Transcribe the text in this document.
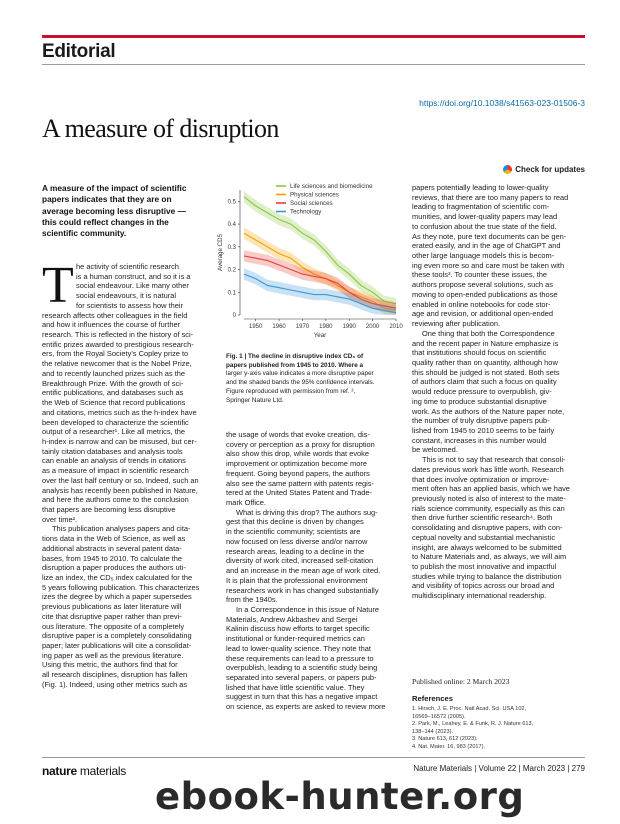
Editorial
https://doi.org/10.1038/s41563-023-01506-3
A measure of disruption
Check for updates
A measure of the impact of scientific
papers indicates that they are on
average becoming less disruptive —
this could reflect changes in the
scientific community.
T he activity of scientific research
is a human construct, and so it is a
social endeavour. Like many other
social endeavours, it is natural
for scientists to assess how their
research affects other colleagues in the field
and how it influences the course of further
research. This is reflected in the history of sci-
entific prizes awarded to prestigious research-
ers, from the Royal Society’s Copley prize to
the relative newcomer that is the Nobel Prize,
and to recently launched prizes such as the
Breakthrough Prize. With the growth of sci-
entific publications, and databases such as
the Web of Science that record publications
and citations, metrics such as the h-index have
been developed to characterize the scientific
output of a researcher¹. Like all metrics, the
h-index is narrow and can be misused, but cer-
tainly citation databases and analysis tools
can enable an analysis of trends in citations
as a measure of impact in scientific research
over the last half century or so. Indeed, such an
analysis has recently been published in Nature,
and here the authors come to the conclusion
that papers are becoming less disruptive
over time².
This publication analyses papers and cita-
tions data in the Web of Science, as well as
additional abstracts in several patent data-
bases, from 1945 to 2010. To calculate the
disruption a paper produces the authors uti-
lize an index, the CD₅ index calculated for the
5 years following publication. This characterizes
izes the degree by which a paper supersedes
previous publications as later literature will
cite that disruptive paper rather than previ-
ous literature. The opposite of a completely
disruptive paper is a completely consolidating
paper; later publications will cite a consolidat-
ing paper as well as the previous literature.
Using this metric, the authors find that for
all research disciplines, disruption has fallen
(Fig. 1). Indeed, using other metrics such as
the usage of words that evoke creation, dis-
covery or perception as a proxy for disruption
also show this drop, while words that evoke
improvement or optimization become more
frequent. Going beyond papers, the authors
also see the same pattern with patents regis-
tered at the United States Patent and Trade-
mark Office.
What is driving this drop? The authors sug-
gest that this decline is driven by changes
in the scientific community; scientists are
now focused on less diverse and/or narrow
research areas, leading to a decline in the
diversity of work cited, increased self-citation
and an increase in the mean age of work cited.
It is plain that the professional environment
researchers work in has changed substantially
from the 1940s.
In a Correspondence in this issue of Nature
Materials, Andrew Akbashev and Sergei
Kalinin discuss how efforts to target specific
institutional or funder-required metrics can
lead to lower-quality science. They note that
these requirements can lead to a pressure to
overpublish, leading to a scientific study being
separated into several papers, or papers pub-
lished that have little scientific value. They
suggest in turn that this has a negative impact
on science, as experts are asked to review more
papers potentially leading to lower-quality
reviews, that there are too many papers to read
leading to fragmentation of scientific com-
munities, and lower-quality papers may lead
to confusion about the true state of the field.
As they note, pure text documents can be gen-
erated easily, and in the age of ChatGPT and
other large language models this is becom-
ing even more so and care must be taken with
these tools³. To counter these issues, the
authors propose several solutions, such as
moving to open-ended publications as those
enabled in online notebooks for code stor-
age and revision, or additional open-ended
reviewing after publication.
One thing that both the Correspondence
and the recent paper in Nature emphasize is
that institutions should focus on scientific
quality rather than on quantity, although how
this should be judged is not stated. Both sets
of authors claim that such a focus on quality
would reduce pressure to overpublish, giv-
ing time to produce substantial disruptive
work. As the authors of the Nature paper note,
the number of truly disruptive papers pub-
lished from 1945 to 2010 seems to be fairly
constant, increases in this number would
be welcomed.
This is not to say that research that consoli-
dates previous work has little worth. Research
that does involve optimization or improve-
ment often has an applied basis, which we have
previously noted is also of interest to the mate-
rials science community, especially as this can
then drive further scientific research⁴. Both
consolidating and disruptive papers, with con-
ceptual novelty and substantial mechanistic
insight, are always welcomed to be submitted
to Nature Materials and, as always, we will aim
to publish the most innovative and impactful
studies while trying to balance the distribution
and visibility of topics across our broad and
multidisciplinary international readership.
0
0.1
0.2
0.3
0.4
0.5
1950 1960 1970 1980 1990 2000 2010
Year
Average CD5
Life sciences and biomedicine
Physical sciences
Social sciences
Technology
Fig. 1 | The decline in disruptive index CD₅ of
papers published from 1945 to 2010. Where a
larger y-axis value indicates a more disruptive paper
and the shaded bands the 95% confidence intervals.
Figure reproduced with permission from ref. ²,
Springer Nature Ltd.
Published online: 2 March 2023
References
1. Hirsch, J. E. Proc. Natl Acad. Sci. USA 102,
16569–16572 (2005).
2. Park, M., Leahey, E. & Funk, R. J. Nature 613,
138–144 (2023).
3. Nature 613, 612 (2023).
4. Nat. Mater. 16, 983 (2017).
nature materials	Nature Materials | Volume 22 | March 2023 | 279
ebook-hunter.org
